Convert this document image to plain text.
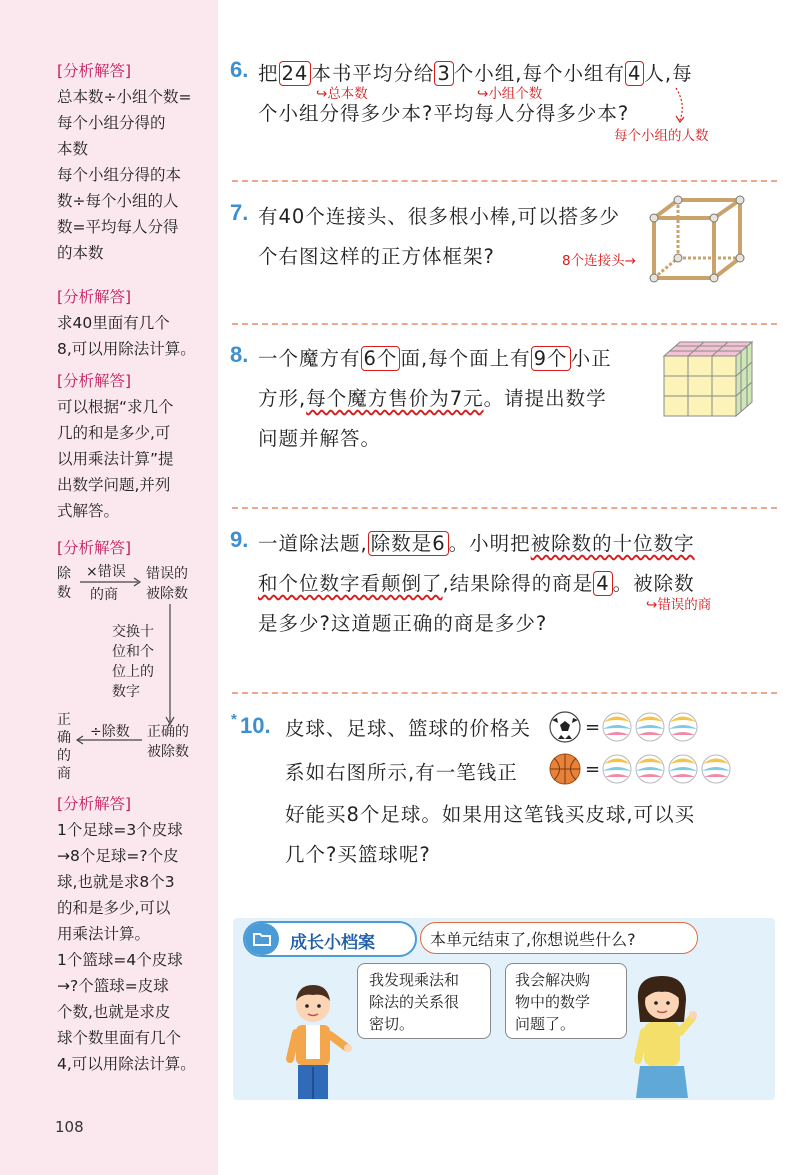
[分析解答]
总本数÷小组个数=
每个小组分得的
本数
每个小组分得的本
数÷每个小组的人
数=平均每人分得
的本数
[分析解答]
求40里面有几个
8,可以用除法计算。
[分析解答]
可以根据“求几个
几的和是多少,可
以用乘法计算”提
出数学问题,并列
式解答。
[分析解答]
除
数
×错误
的商
错误的
被除数
交换十
位和个
位上的
数字
正确的
被除数
÷除数
正
确
的
商
[分析解答]
1个足球=3个皮球
→8个足球=?个皮
球,也就是求8个3
的和是多少,可以
用乘法计算。
1个篮球=4个皮球
→?个篮球=皮球
个数,也就是求皮
球个数里面有几个
4,可以用除法计算。
108
6. 把 24 本书平均分给 3 个小组,每个小组有 4 人,每
↪总本数	↪小组个数
个小组分得多少本?平均每人分得多少本?
每个小组的人数
7. 有40个连接头、很多根小棒,可以搭多少
个右图这样的正方体框架?	8个连接头→
8. 一个魔方有 6个 面,每个面上有 9个 小正
方形,每个魔方售价为7元。请提出数学
问题并解答。
9. 一道除法题, 除数是6 。小明把被除数的十位数字
和个位数字看颠倒了,结果除得的商是 4 。被除数
↪错误的商
是多少?这道题正确的商是多少?
* 10. 皮球、足球、篮球的价格关
系如右图所示,有一笔钱正
好能买8个足球。如果用这笔钱买皮球,可以买
几个?买篮球呢?
=
=
成长小档案	本单元结束了,你想说些什么?
我发现乘法和
除法的关系很
密切。
我会解决购
物中的数学
问题了。
